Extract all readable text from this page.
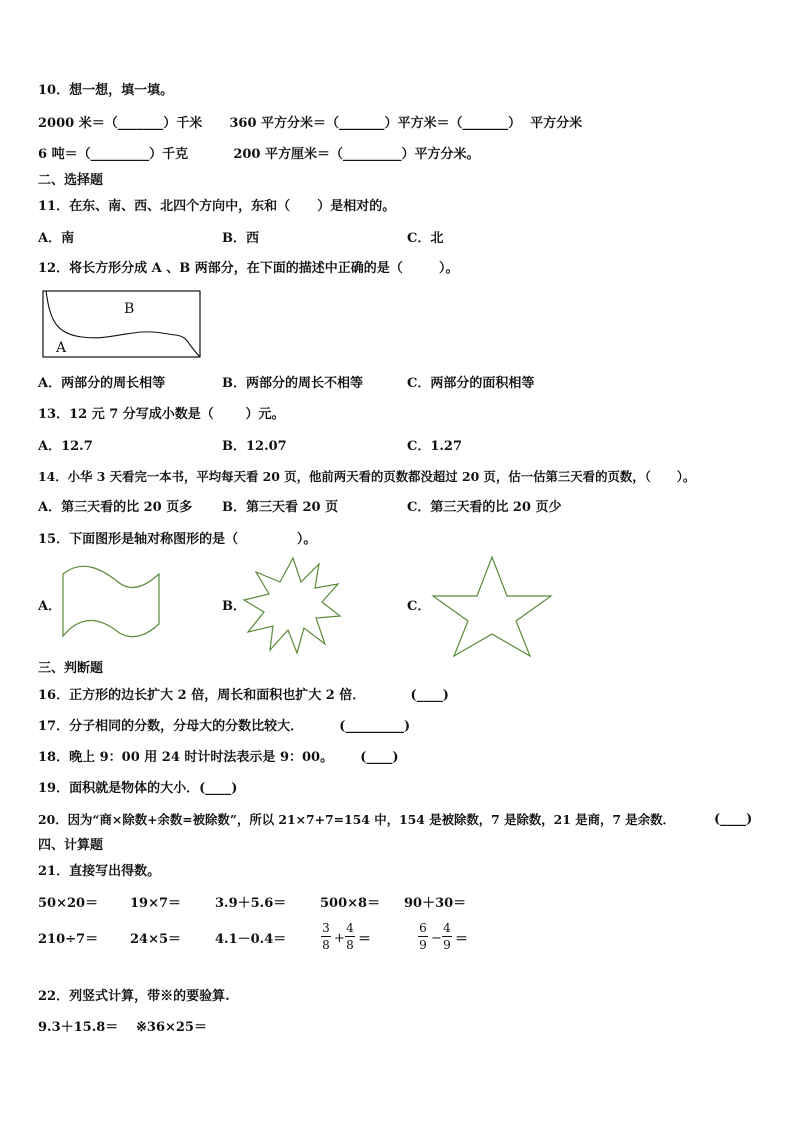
10．想一想，填一填。
2000 米＝（_______）千米      360 平方分米＝（_______）平方米＝（_______）  平方分米
6 吨＝（_________）千克          200 平方厘米＝（_________）平方分米。
二、选择题
11．在东、南、西、北四个方向中，东和（      ）是相对的。
A．南	B．西	C．北
12．将长方形分成 A 、B 两部分，在下面的描述中正确的是（        ）。
B
A
A．两部分的周长相等	B．两部分的周长不相等	C．两部分的面积相等
13．12 元 7 分写成小数是（       ）元。
A．12.7	B．12.07	C．1.27
14．小华 3 天看完一本书，平均每天看 20 页，他前两天看的页数都没超过 20 页，估一估第三天看的页数，（      ）。
A．第三天看的比 20 页多 B．第三天看 20 页	C．第三天看的比 20 页少
15．下面图形是轴对称图形的是（             ）。
A．	B．	C．
三、判断题
16．正方形的边长扩大 2 倍，周长和面积也扩大 2 倍．          (____)
17．分子相同的分数，分母大的分数比较大．        (_________)
18．晚上 9：00 用 24 时计时法表示是 9：00。      (____)
19．面积就是物体的大小．(____)
20．因为“商×除数+余数=被除数”，所以 21×7+7=154 中，154 是被除数，7 是除数，21 是商，7 是余数．	(____)
四、计算题
21．直接写出得数。
50×20＝ 19×7＝	3.9＋5.6＝	500×8＝ 90＋30＝
210÷7＝ 24×5＝	4.1－0.4＝
3
8 +
4
8 ＝
6
9 −
4
9 ＝
22．列竖式计算，带※的要验算.
9.3＋15.8＝ ※36×25＝
